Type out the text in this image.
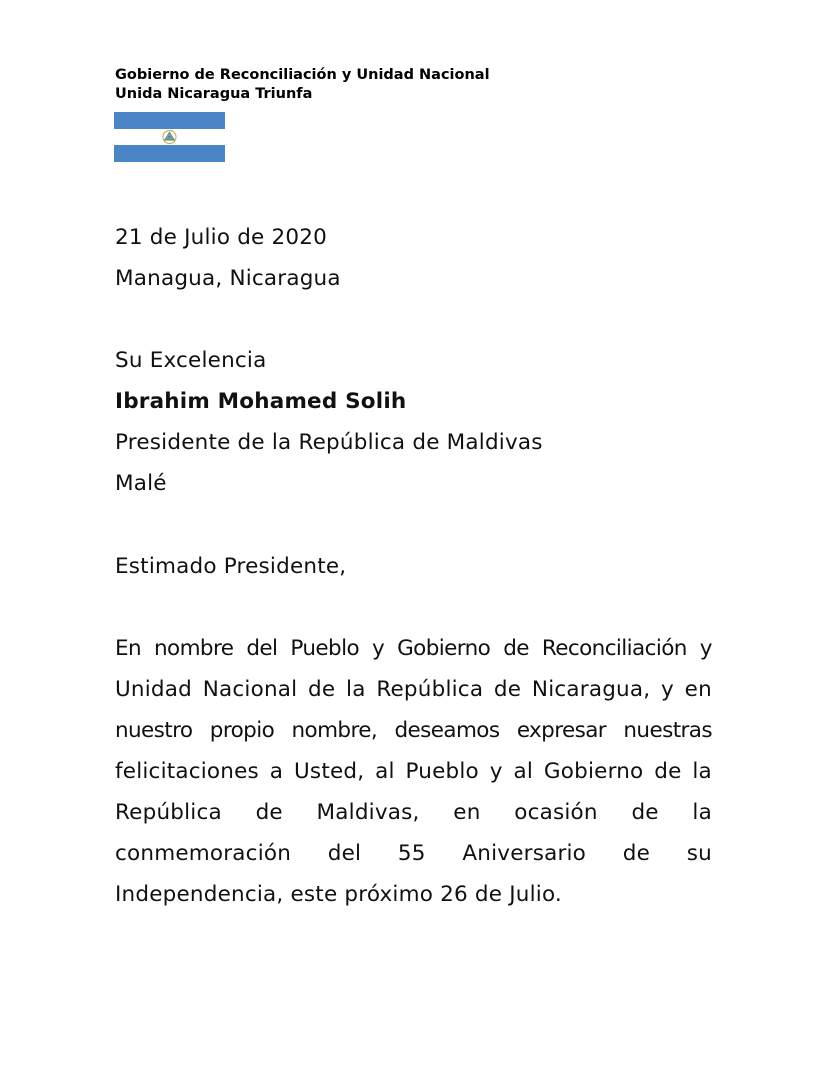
Gobierno de Reconciliación y Unidad Nacional
Unida Nicaragua Triunfa
21 de Julio de 2020
Managua, Nicaragua
Su Excelencia
Ibrahim Mohamed Solih
Presidente de la República de Maldivas
Malé
Estimado Presidente,
En nombre del Pueblo y Gobierno de Reconciliación y
Unidad Nacional de la República de Nicaragua, y en
nuestro propio nombre, deseamos expresar nuestras
felicitaciones a Usted, al Pueblo y al Gobierno de la
República de Maldivas, en ocasión de la
conmemoración del 55 Aniversario de su
Independencia, este próximo 26 de Julio.
